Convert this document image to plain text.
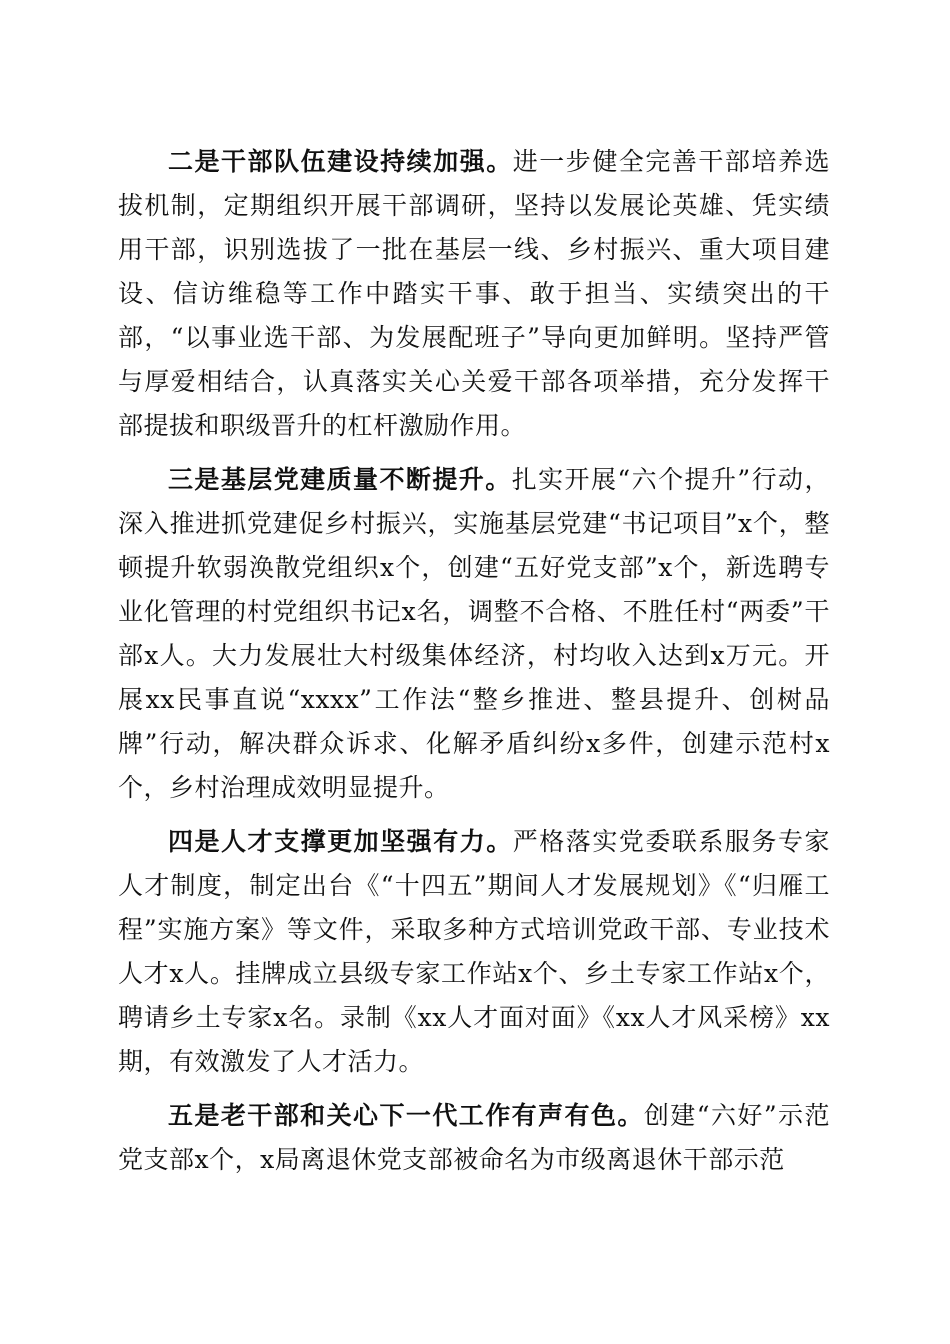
二是干部队伍建设持续加强。进一步健全完善干部培养选拔机制，定期组织开展干部调研，坚持以发展论英雄、凭实绩用干部，识别选拔了一批在基层一线、乡村振兴、重大项目建设、信访维稳等工作中踏实干事、敢于担当、实绩突出的干部，“以事业选干部、为发展配班子”导向更加鲜明。坚持严管与厚爱相结合，认真落实关心关爱干部各项举措，充分发挥干部提拔和职级晋升的杠杆激励作用。

三是基层党建质量不断提升。扎实开展“六个提升”行动，深入推进抓党建促乡村振兴，实施基层党建“书记项目”x个，整顿提升软弱涣散党组织x个，创建“五好党支部”x个，新选聘专业化管理的村党组织书记x名，调整不合格、不胜任村“两委”干部x人。大力发展壮大村级集体经济，村均收入达到x万元。开展xx民事直说“xxxx”工作法“整乡推进、整县提升、创树品牌”行动，解决群众诉求、化解矛盾纠纷x多件，创建示范村x个，乡村治理成效明显提升。

四是人才支撑更加坚强有力。严格落实党委联系服务专家人才制度，制定出台《“十四五”期间人才发展规划》《“归雁工程”实施方案》等文件，采取多种方式培训党政干部、专业技术人才x人。挂牌成立县级专家工作站x个、乡土专家工作站x个，聘请乡土专家x名。录制《xx人才面对面》《xx人才风采榜》xx期，有效激发了人才活力。

五是老干部和关心下一代工作有声有色。创建“六好”示范党支部x个，x局离退休党支部被命名为市级离退休干部示范
